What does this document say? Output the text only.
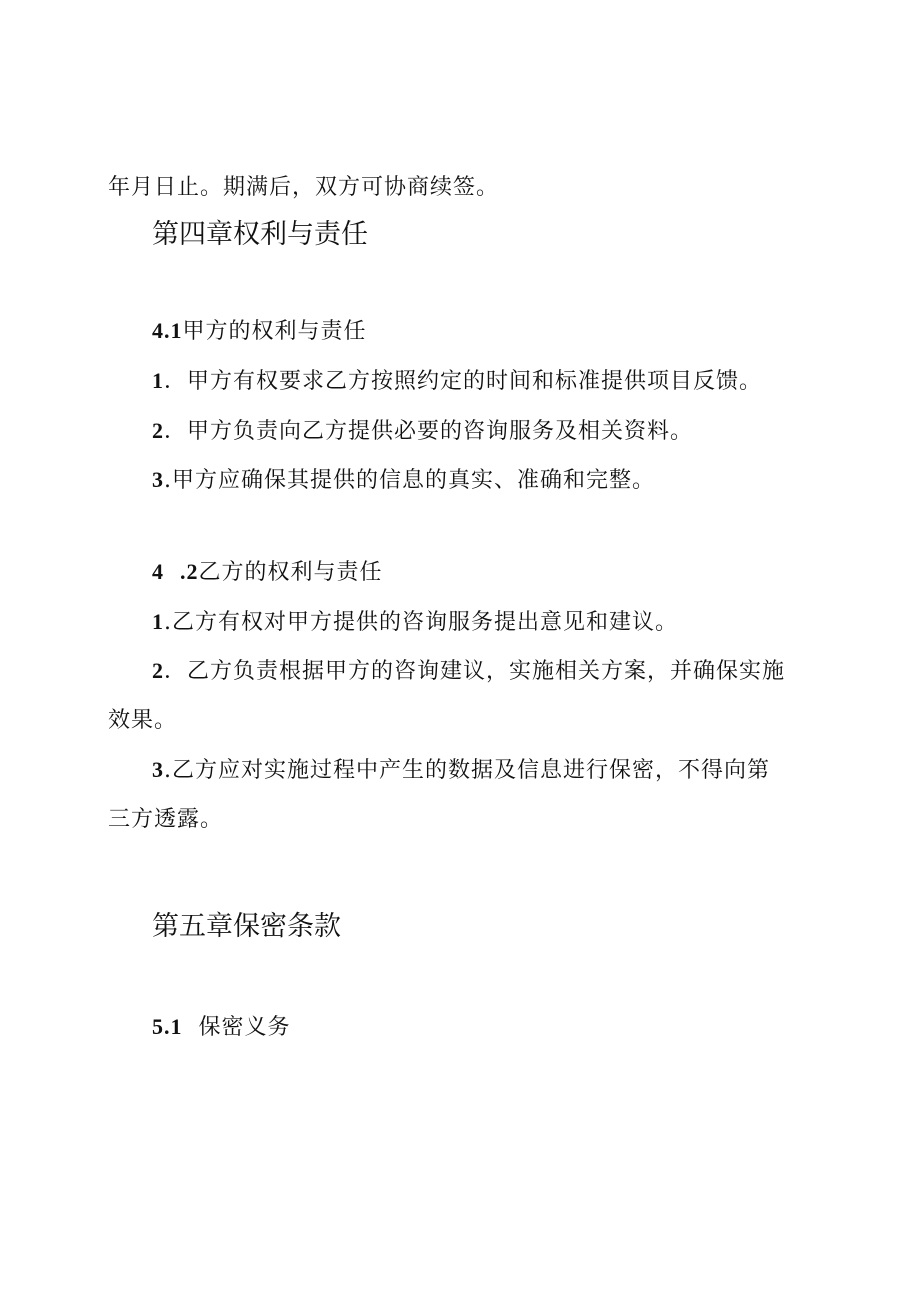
年月日止。期满后，双方可协商续签。
第四章权利与责任
4.1甲方的权利与责任
1．甲方有权要求乙方按照约定的时间和标准提供项目反馈。
2．甲方负责向乙方提供必要的咨询服务及相关资料。
3.甲方应确保其提供的信息的真实、准确和完整。
4 .2乙方的权利与责任
1.乙方有权对甲方提供的咨询服务提出意见和建议。
2．乙方负责根据甲方的咨询建议，实施相关方案，并确保实施
效果。
3.乙方应对实施过程中产生的数据及信息进行保密，不得向第
三方透露。
第五章保密条款
5.1 保密义务
